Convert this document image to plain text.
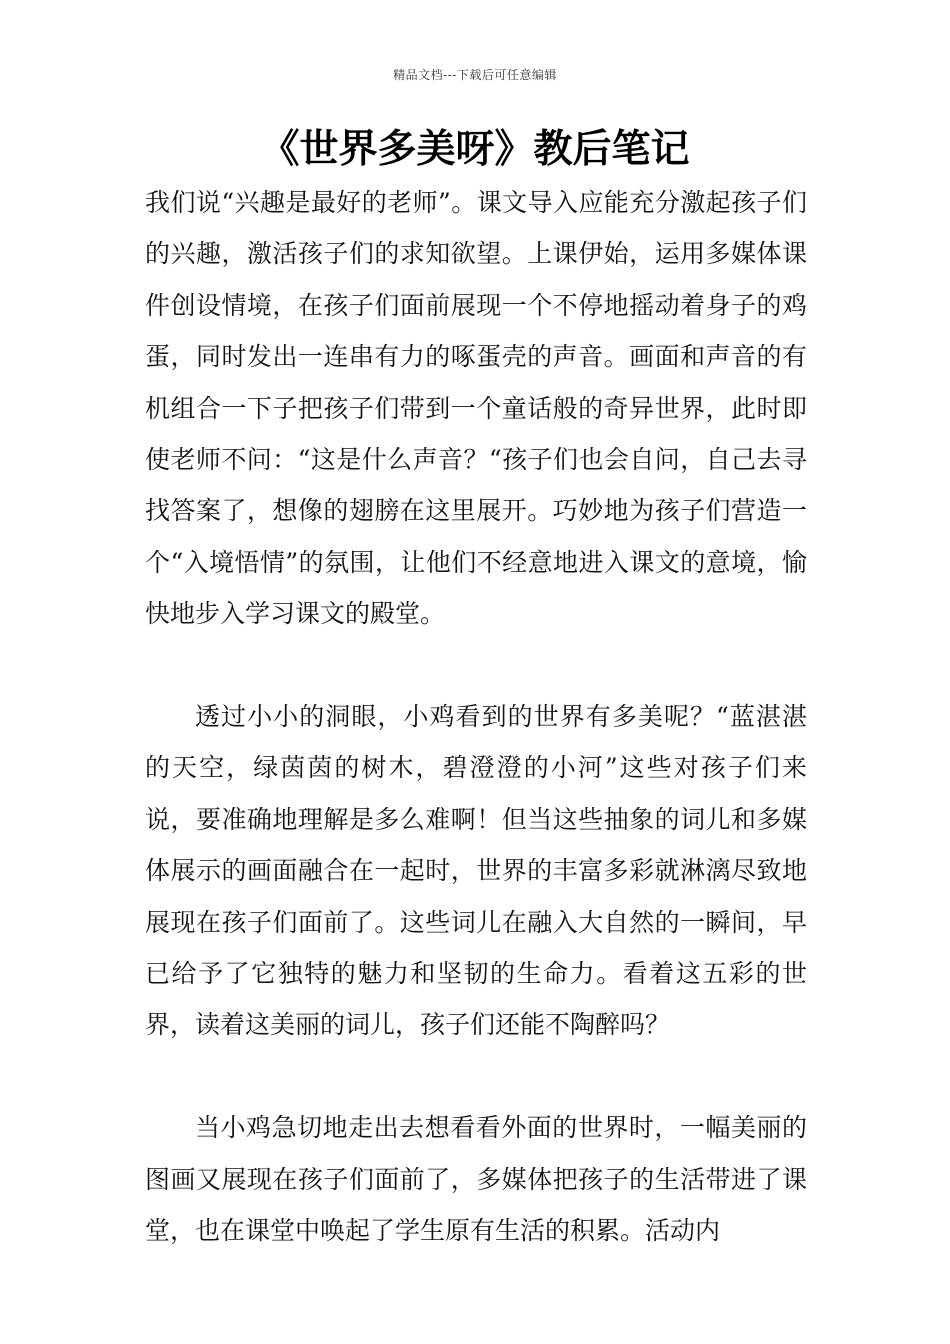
精品文档---下载后可任意编辑
《世界多美呀》教后笔记

我们说“兴趣是最好的老师”。课文导入应能充分激起孩子们的兴趣，激活孩子们的求知欲望。上课伊始，运用多媒体课件创设情境，在孩子们面前展现一个不停地摇动着身子的鸡蛋，同时发出一连串有力的啄蛋壳的声音。画面和声音的有机组合一下子把孩子们带到一个童话般的奇异世界，此时即使老师不问：“这是什么声音？“孩子们也会自问，自己去寻找答案了，想像的翅膀在这里展开。巧妙地为孩子们营造一个“入境悟情”的氛围，让他们不经意地进入课文的意境，愉快地步入学习课文的殿堂。

透过小小的洞眼，小鸡看到的世界有多美呢？“蓝湛湛的天空，绿茵茵的树木，碧澄澄的小河”这些对孩子们来说，要准确地理解是多么难啊！但当这些抽象的词儿和多媒体展示的画面融合在一起时，世界的丰富多彩就淋漓尽致地展现在孩子们面前了。这些词儿在融入大自然的一瞬间，早已给予了它独特的魅力和坚韧的生命力。看着这五彩的世界，读着这美丽的词儿，孩子们还能不陶醉吗？

当小鸡急切地走出去想看看外面的世界时，一幅美丽的图画又展现在孩子们面前了，多媒体把孩子的生活带进了课堂，也在课堂中唤起了学生原有生活的积累。活动内
